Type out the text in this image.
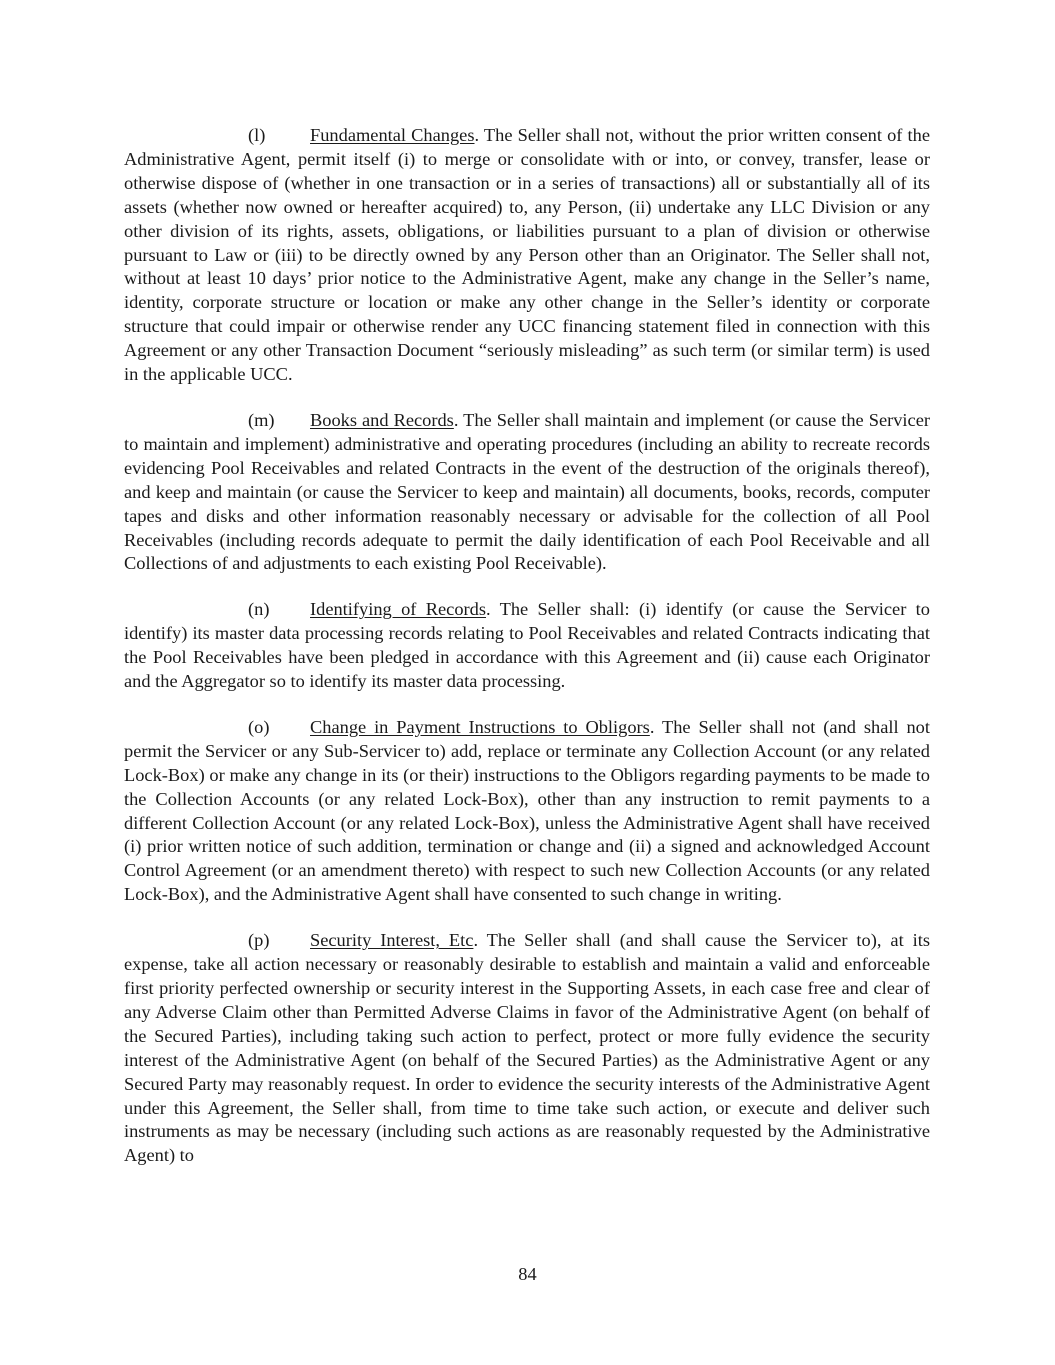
(l) Fundamental Changes. The Seller shall not, without the prior written consent of the Administrative Agent, permit itself (i) to merge or consolidate with or into, or convey, transfer, lease or otherwise dispose of (whether in one transaction or in a series of transactions) all or substantially all of its assets (whether now owned or hereafter acquired) to, any Person, (ii) undertake any LLC Division or any other division of its rights, assets, obligations, or liabilities pursuant to a plan of division or otherwise pursuant to Law or (iii) to be directly owned by any Person other than an Originator. The Seller shall not, without at least 10 days’ prior notice to the Administrative Agent, make any change in the Seller’s name, identity, corporate structure or location or make any other change in the Seller’s identity or corporate structure that could impair or otherwise render any UCC financing statement filed in connection with this Agreement or any other Transaction Document “seriously misleading” as such term (or similar term) is used in the applicable UCC.

(m) Books and Records. The Seller shall maintain and implement (or cause the Servicer to maintain and implement) administrative and operating procedures (including an ability to recreate records evidencing Pool Receivables and related Contracts in the event of the destruction of the originals thereof), and keep and maintain (or cause the Servicer to keep and maintain) all documents, books, records, computer tapes and disks and other information reasonably necessary or advisable for the collection of all Pool Receivables (including records adequate to permit the daily identification of each Pool Receivable and all Collections of and adjustments to each existing Pool Receivable).

(n) Identifying of Records. The Seller shall: (i) identify (or cause the Servicer to identify) its master data processing records relating to Pool Receivables and related Contracts indicating that the Pool Receivables have been pledged in accordance with this Agreement and (ii) cause each Originator and the Aggregator so to identify its master data processing.

(o) Change in Payment Instructions to Obligors. The Seller shall not (and shall not permit the Servicer or any Sub-Servicer to) add, replace or terminate any Collection Account (or any related Lock-Box) or make any change in its (or their) instructions to the Obligors regarding payments to be made to the Collection Accounts (or any related Lock-Box), other than any instruction to remit payments to a different Collection Account (or any related Lock-Box), unless the Administrative Agent shall have received (i) prior written notice of such addition, termination or change and (ii) a signed and acknowledged Account Control Agreement (or an amendment thereto) with respect to such new Collection Accounts (or any related Lock-Box), and the Administrative Agent shall have consented to such change in writing.

(p) Security Interest, Etc. The Seller shall (and shall cause the Servicer to), at its expense, take all action necessary or reasonably desirable to establish and maintain a valid and enforceable first priority perfected ownership or security interest in the Supporting Assets, in each case free and clear of any Adverse Claim other than Permitted Adverse Claims in favor of the Administrative Agent (on behalf of the Secured Parties), including taking such action to perfect, protect or more fully evidence the security interest of the Administrative Agent (on behalf of the Secured Parties) as the Administrative Agent or any Secured Party may reasonably request. In order to evidence the security interests of the Administrative Agent under this Agreement, the Seller shall, from time to time take such action, or execute and deliver such instruments as may be necessary (including such actions as are reasonably requested by the Administrative Agent) to

84
